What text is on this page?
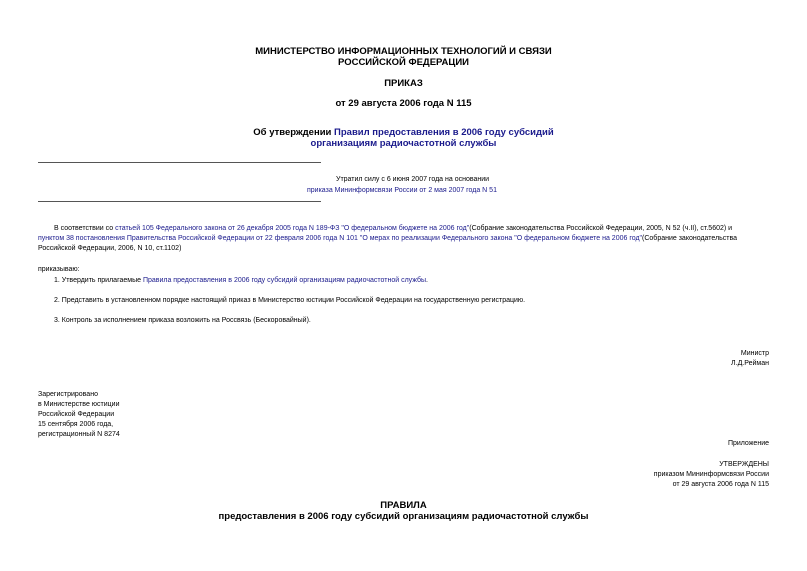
МИНИСТЕРСТВО ИНФОРМАЦИОННЫХ ТЕХНОЛОГИЙ И СВЯЗИ
РОССИЙСКОЙ ФЕДЕРАЦИИ
ПРИКАЗ
от 29 августа 2006 года N 115
Об утверждении Правил предоставления в 2006 году субсидий
организациям радиочастотной службы
Утратил силу с 6 июня 2007 года на основании
приказа Мининформсвязи России от 2 мая 2007 года N 51
В соответствии со статьей 105 Федерального закона от 26 декабря 2005 года N 189-ФЗ "О федеральном бюджете на 2006 год"(Собрание законодательства Российской Федерации, 2005, N 52 (ч.II), ст.5602) и
пунктом 38 постановления Правительства Российской Федерации от 22 февраля 2006 года N 101 "О мерах по реализации Федерального закона "О федеральном бюджете на 2006 год"(Собрание законодательства
Российской Федерации, 2006, N 10, ст.1102)
приказываю:
1. Утвердить прилагаемые Правила предоставления в 2006 году субсидий организациям радиочастотной службы.
2. Представить в установленном порядке настоящий приказ в Министерство юстиции Российской Федерации на государственную регистрацию.
3. Контроль за исполнением приказа возложить на Россвязь (Бескоровайный).
Министр
Л.Д.Рейман
Зарегистрировано
в Министерстве юстиции
Российской Федерации
15 сентября 2006 года,
регистрационный N 8274
Приложение
УТВЕРЖДЕНЫ
приказом Мининформсвязи России
от 29 августа 2006 года N 115
ПРАВИЛА
предоставления в 2006 году субсидий организациям радиочастотной службы
